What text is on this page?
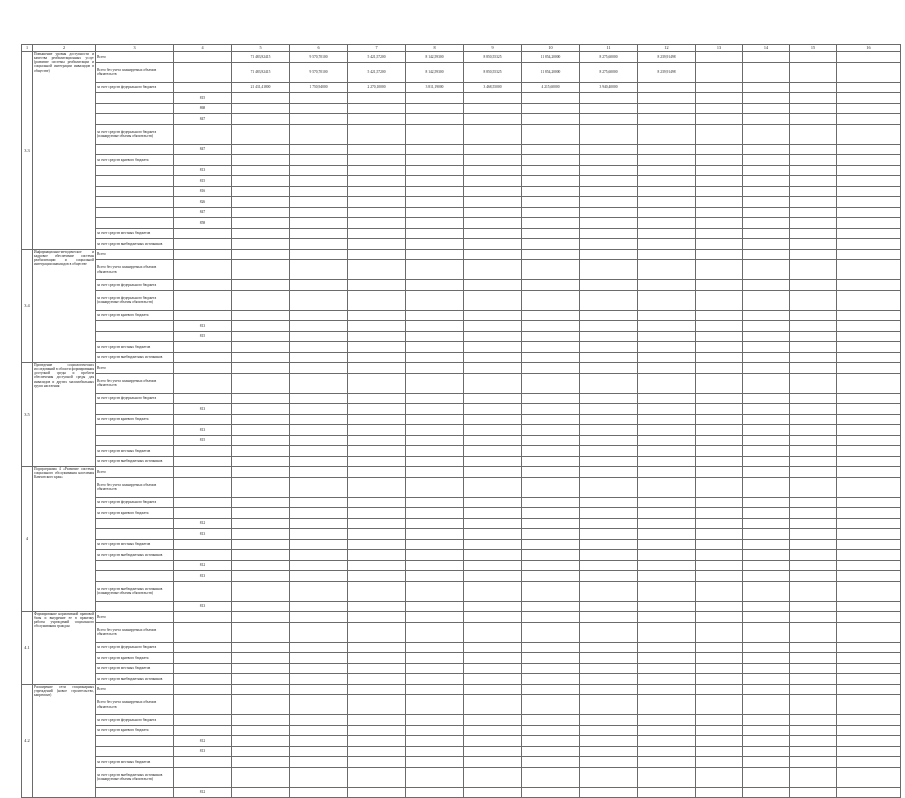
1	2	3	4	5	6	7	8	9	10	11	12	13	14	15	16
3.3	Повышение уровня доступности и качества реабилитационных услуг (развитие системы реабилитации и социальной интеграции инвалидов в обществе)	Всего		71 483,92415	9 570,70100	5 421,57200	8 142,59300	8 850,55325	11 854,20000	8 275,60000	8 239,91498				
		Всего без учета планируемых объемов обязательств		71 483,92415	9 570,70100	5 421,57200	8 142,59300	8 850,55325	11 854,20000	8 275,60000	8 239,91498				
		за счет средств федерального бюджета		21 431,41800	1 750,94000	2 270,10000	3 811,19000	3 468,55000	4 215,60000	3 940,40000					
			815												
			868												
			847												
		за счет средств федерального бюджета (планируемые объемы обязательств)													
			847												
		за счет средств краевого бюджета													
			813												
			815												
			816												
			826												
			847												
			858												
		за счет средств местных бюджетов													
		за счет средств внебюджетных источников													
3.4	Информационно-методическое и кадровое обеспечение системы реабилитации и социальной интеграции инвалидов в обществе	Всего													
		Всего без учета планируемых объемов обязательств													
		за счет средств федерального бюджета													
		за счет средств федерального бюджета (планируемые объемы обязательств)													
		за счет средств краевого бюджета													
			813												
			815												
		за счет средств местных бюджетов													
		за счет средств внебюджетных источников													
3.5	Проведение социологических исследований в области формирования доступной среды и проблем обеспечения доступной среды для инвалидов и других маломобильных групп населения	Всего													
		Всего без учета планируемых объемов обязательств													
		за счет средств федерального бюджета													
			813												
		за счет средств краевого бюджета													
			813												
			815												
		за счет средств местных бюджетов													
		за счет средств внебюджетных источников													
4	Подпрограмма 4 «Развитие системы социального обслуживания населения Камчатского края»	Всего													
		Всего без учета планируемых объемов обязательств													
		за счет средств федерального бюджета													
		за счет средств краевого бюджета													
			812												
			813												
		за счет средств местных бюджетов													
		за счет средств внебюджетных источников													
			812												
			813												
		за счет средств внебюджетных источников (планируемые объемы обязательств)													
			813												
4.1	Формирование нормативной правовой базы и внедрение ее в практику работы учреждений социального обслуживания граждан	Всего													
		Всего без учета планируемых объемов обязательств													
		за счет средств федерального бюджета													
		за счет средств краевого бюджета													
		за счет средств местных бюджетов													
		за счет средств внебюджетных источников													
4.2	Расширение сети стационарных учреждений (новое строительство, капремонт)	Всего													
		Всего без учета планируемых объемов обязательств													
		за счет средств федерального бюджета													
		за счет средств краевого бюджета													
			812												
			813												
		за счет средств местных бюджетов													
		за счет средств внебюджетных источников (планируемые объемы обязательств)													
			812												
